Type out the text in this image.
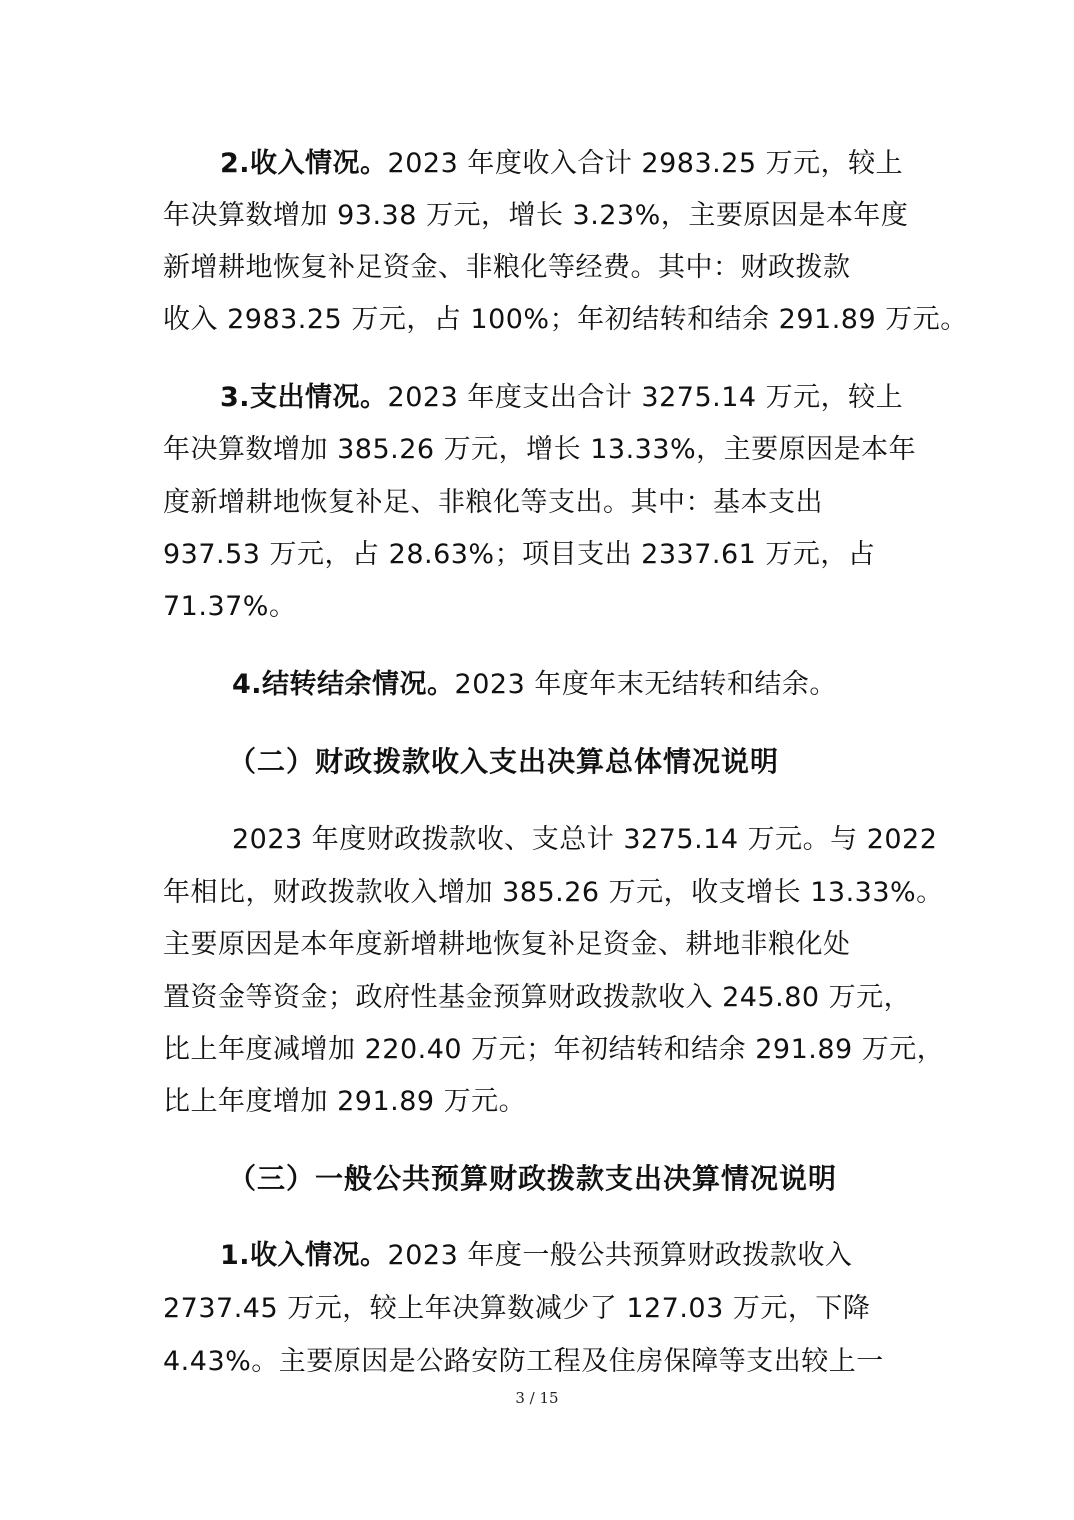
2.收入情况。2023 年度收入合计 2983.25 万元，较上
年决算数增加 93.38 万元，增长 3.23%，主要原因是本年度
新增耕地恢复补足资金、非粮化等经费。其中：财政拨款
收入 2983.25 万元，占 100%；年初结转和结余 291.89 万元。
3.支出情况。2023 年度支出合计 3275.14 万元，较上
年决算数增加 385.26 万元，增长 13.33%，主要原因是本年
度新增耕地恢复补足、非粮化等支出。其中：基本支出
937.53 万元，占 28.63%；项目支出 2337.61 万元，占
71.37%。
4.结转结余情况。2023 年度年末无结转和结余。
（二）财政拨款收入支出决算总体情况说明
2023 年度财政拨款收、支总计 3275.14 万元。与 2022
年相比，财政拨款收入增加 385.26 万元，收支增长 13.33%。
主要原因是本年度新增耕地恢复补足资金、耕地非粮化处
置资金等资金；政府性基金预算财政拨款收入 245.80 万元，
比上年度减增加 220.40 万元；年初结转和结余 291.89 万元，
比上年度增加 291.89 万元。
（三）一般公共预算财政拨款支出决算情况说明
1.收入情况。2023 年度一般公共预算财政拨款收入
2737.45 万元，较上年决算数减少了 127.03 万元，下降
4.43%。主要原因是公路安防工程及住房保障等支出较上一
3 / 15
